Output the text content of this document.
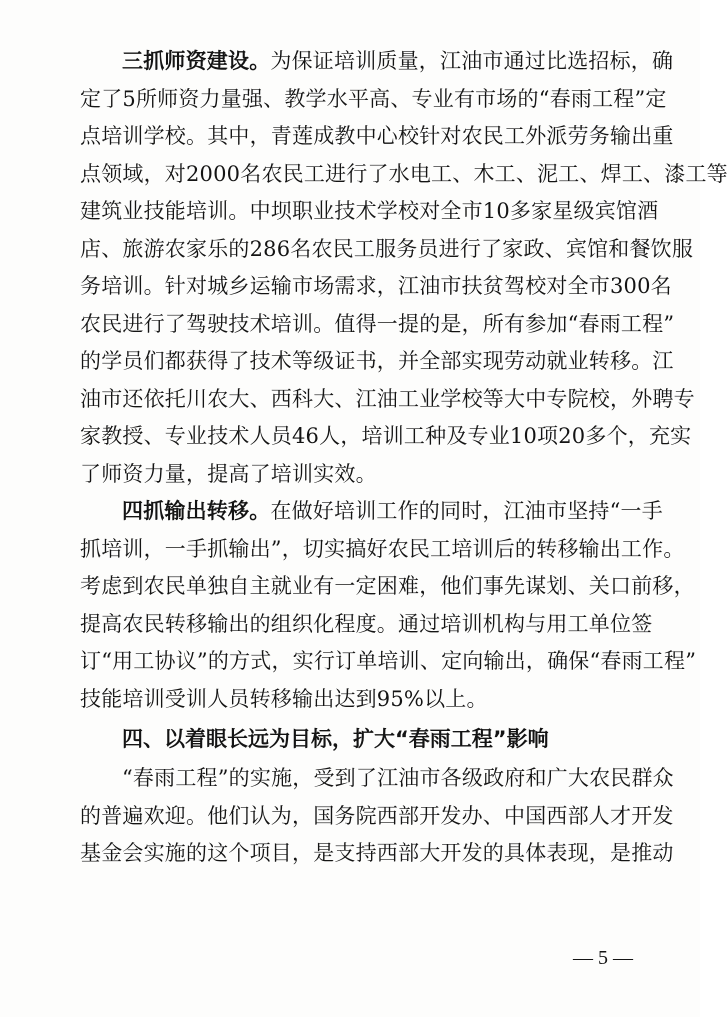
三抓师资建设。为保证培训质量，江油市通过比选招标，确
定了5所师资力量强、教学水平高、专业有市场的“春雨工程”定
点培训学校。其中，青莲成教中心校针对农民工外派劳务输出重
点领域，对2000名农民工进行了水电工、木工、泥工、焊工、漆工等
建筑业技能培训。中坝职业技术学校对全市10多家星级宾馆酒
店、旅游农家乐的286名农民工服务员进行了家政、宾馆和餐饮服
务培训。针对城乡运输市场需求，江油市扶贫驾校对全市300名
农民进行了驾驶技术培训。值得一提的是，所有参加“春雨工程”
的学员们都获得了技术等级证书，并全部实现劳动就业转移。江
油市还依托川农大、西科大、江油工业学校等大中专院校，外聘专
家教授、专业技术人员46人，培训工种及专业10项20多个，充实
了师资力量，提高了培训实效。
四抓输出转移。在做好培训工作的同时，江油市坚持“一手
抓培训，一手抓输出”，切实搞好农民工培训后的转移输出工作。
考虑到农民单独自主就业有一定困难，他们事先谋划、关口前移，
提高农民转移输出的组织化程度。通过培训机构与用工单位签
订“用工协议”的方式，实行订单培训、定向输出，确保“春雨工程”
技能培训受训人员转移输出达到95%以上。
四、以着眼长远为目标，扩大“春雨工程”影响
“春雨工程”的实施，受到了江油市各级政府和广大农民群众
的普遍欢迎。他们认为，国务院西部开发办、中国西部人才开发
基金会实施的这个项目，是支持西部大开发的具体表现，是推动
— 5 —
